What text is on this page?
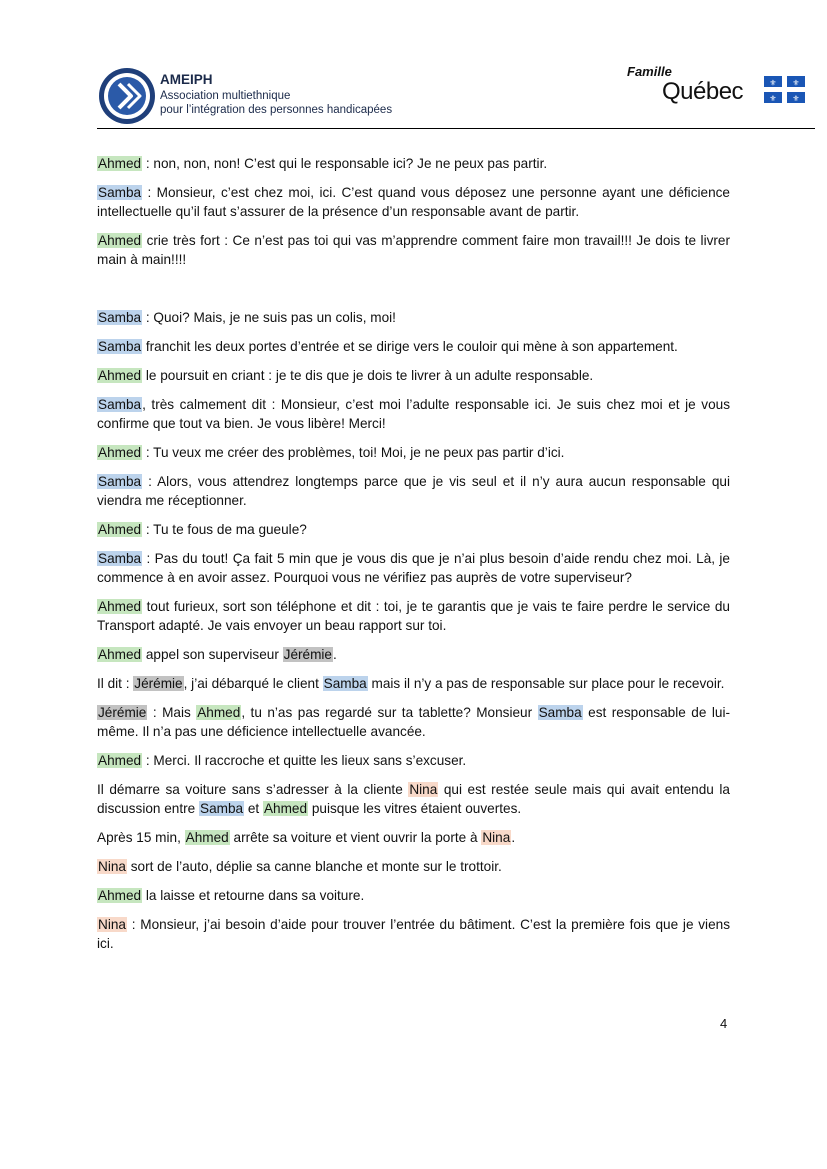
AMEIPH
Association multiethnique
pour l’intégration des personnes handicapées
Famille
Québec	⚜ ⚜
⚜ ⚜

Ahmed : non, non, non! C’est qui le responsable ici? Je ne peux pas partir.

Samba : Monsieur, c’est chez moi, ici. C’est quand vous déposez une personne ayant une déficience intellectuelle qu’il faut s’assurer de la présence d’un responsable avant de partir.

Ahmed crie très fort : Ce n’est pas toi qui vas m’apprendre comment faire mon travail!!! Je dois te livrer main à main!!!!

Samba : Quoi? Mais, je ne suis pas un colis, moi!

Samba franchit les deux portes d’entrée et se dirige vers le couloir qui mène à son appartement.

Ahmed le poursuit en criant : je te dis que je dois te livrer à un adulte responsable.

Samba, très calmement dit : Monsieur, c’est moi l’adulte responsable ici. Je suis chez moi et je vous confirme que tout va bien. Je vous libère! Merci!

Ahmed : Tu veux me créer des problèmes, toi! Moi, je ne peux pas partir d’ici.

Samba : Alors, vous attendrez longtemps parce que je vis seul et il n’y aura aucun responsable qui viendra me réceptionner.

Ahmed : Tu te fous de ma gueule?

Samba : Pas du tout! Ça fait 5 min que je vous dis que je n’ai plus besoin d’aide rendu chez moi. Là, je commence à en avoir assez. Pourquoi vous ne vérifiez pas auprès de votre superviseur?

Ahmed tout furieux, sort son téléphone et dit : toi, je te garantis que je vais te faire perdre le service du Transport adapté. Je vais envoyer un beau rapport sur toi.

Ahmed appel son superviseur Jérémie.

Il dit : Jérémie, j’ai débarqué le client Samba mais il n’y a pas de responsable sur place pour le recevoir.

Jérémie : Mais Ahmed, tu n’as pas regardé sur ta tablette? Monsieur Samba est responsable de lui-même. Il n’a pas une déficience intellectuelle avancée.

Ahmed : Merci. Il raccroche et quitte les lieux sans s’excuser.

Il démarre sa voiture sans s’adresser à la cliente Nina qui est restée seule mais qui avait entendu la discussion entre Samba et Ahmed puisque les vitres étaient ouvertes.

Après 15 min, Ahmed arrête sa voiture et vient ouvrir la porte à Nina.

Nina sort de l’auto, déplie sa canne blanche et monte sur le trottoir.

Ahmed la laisse et retourne dans sa voiture.

Nina : Monsieur, j’ai besoin d’aide pour trouver l’entrée du bâtiment. C’est la première fois que je viens ici.

4
